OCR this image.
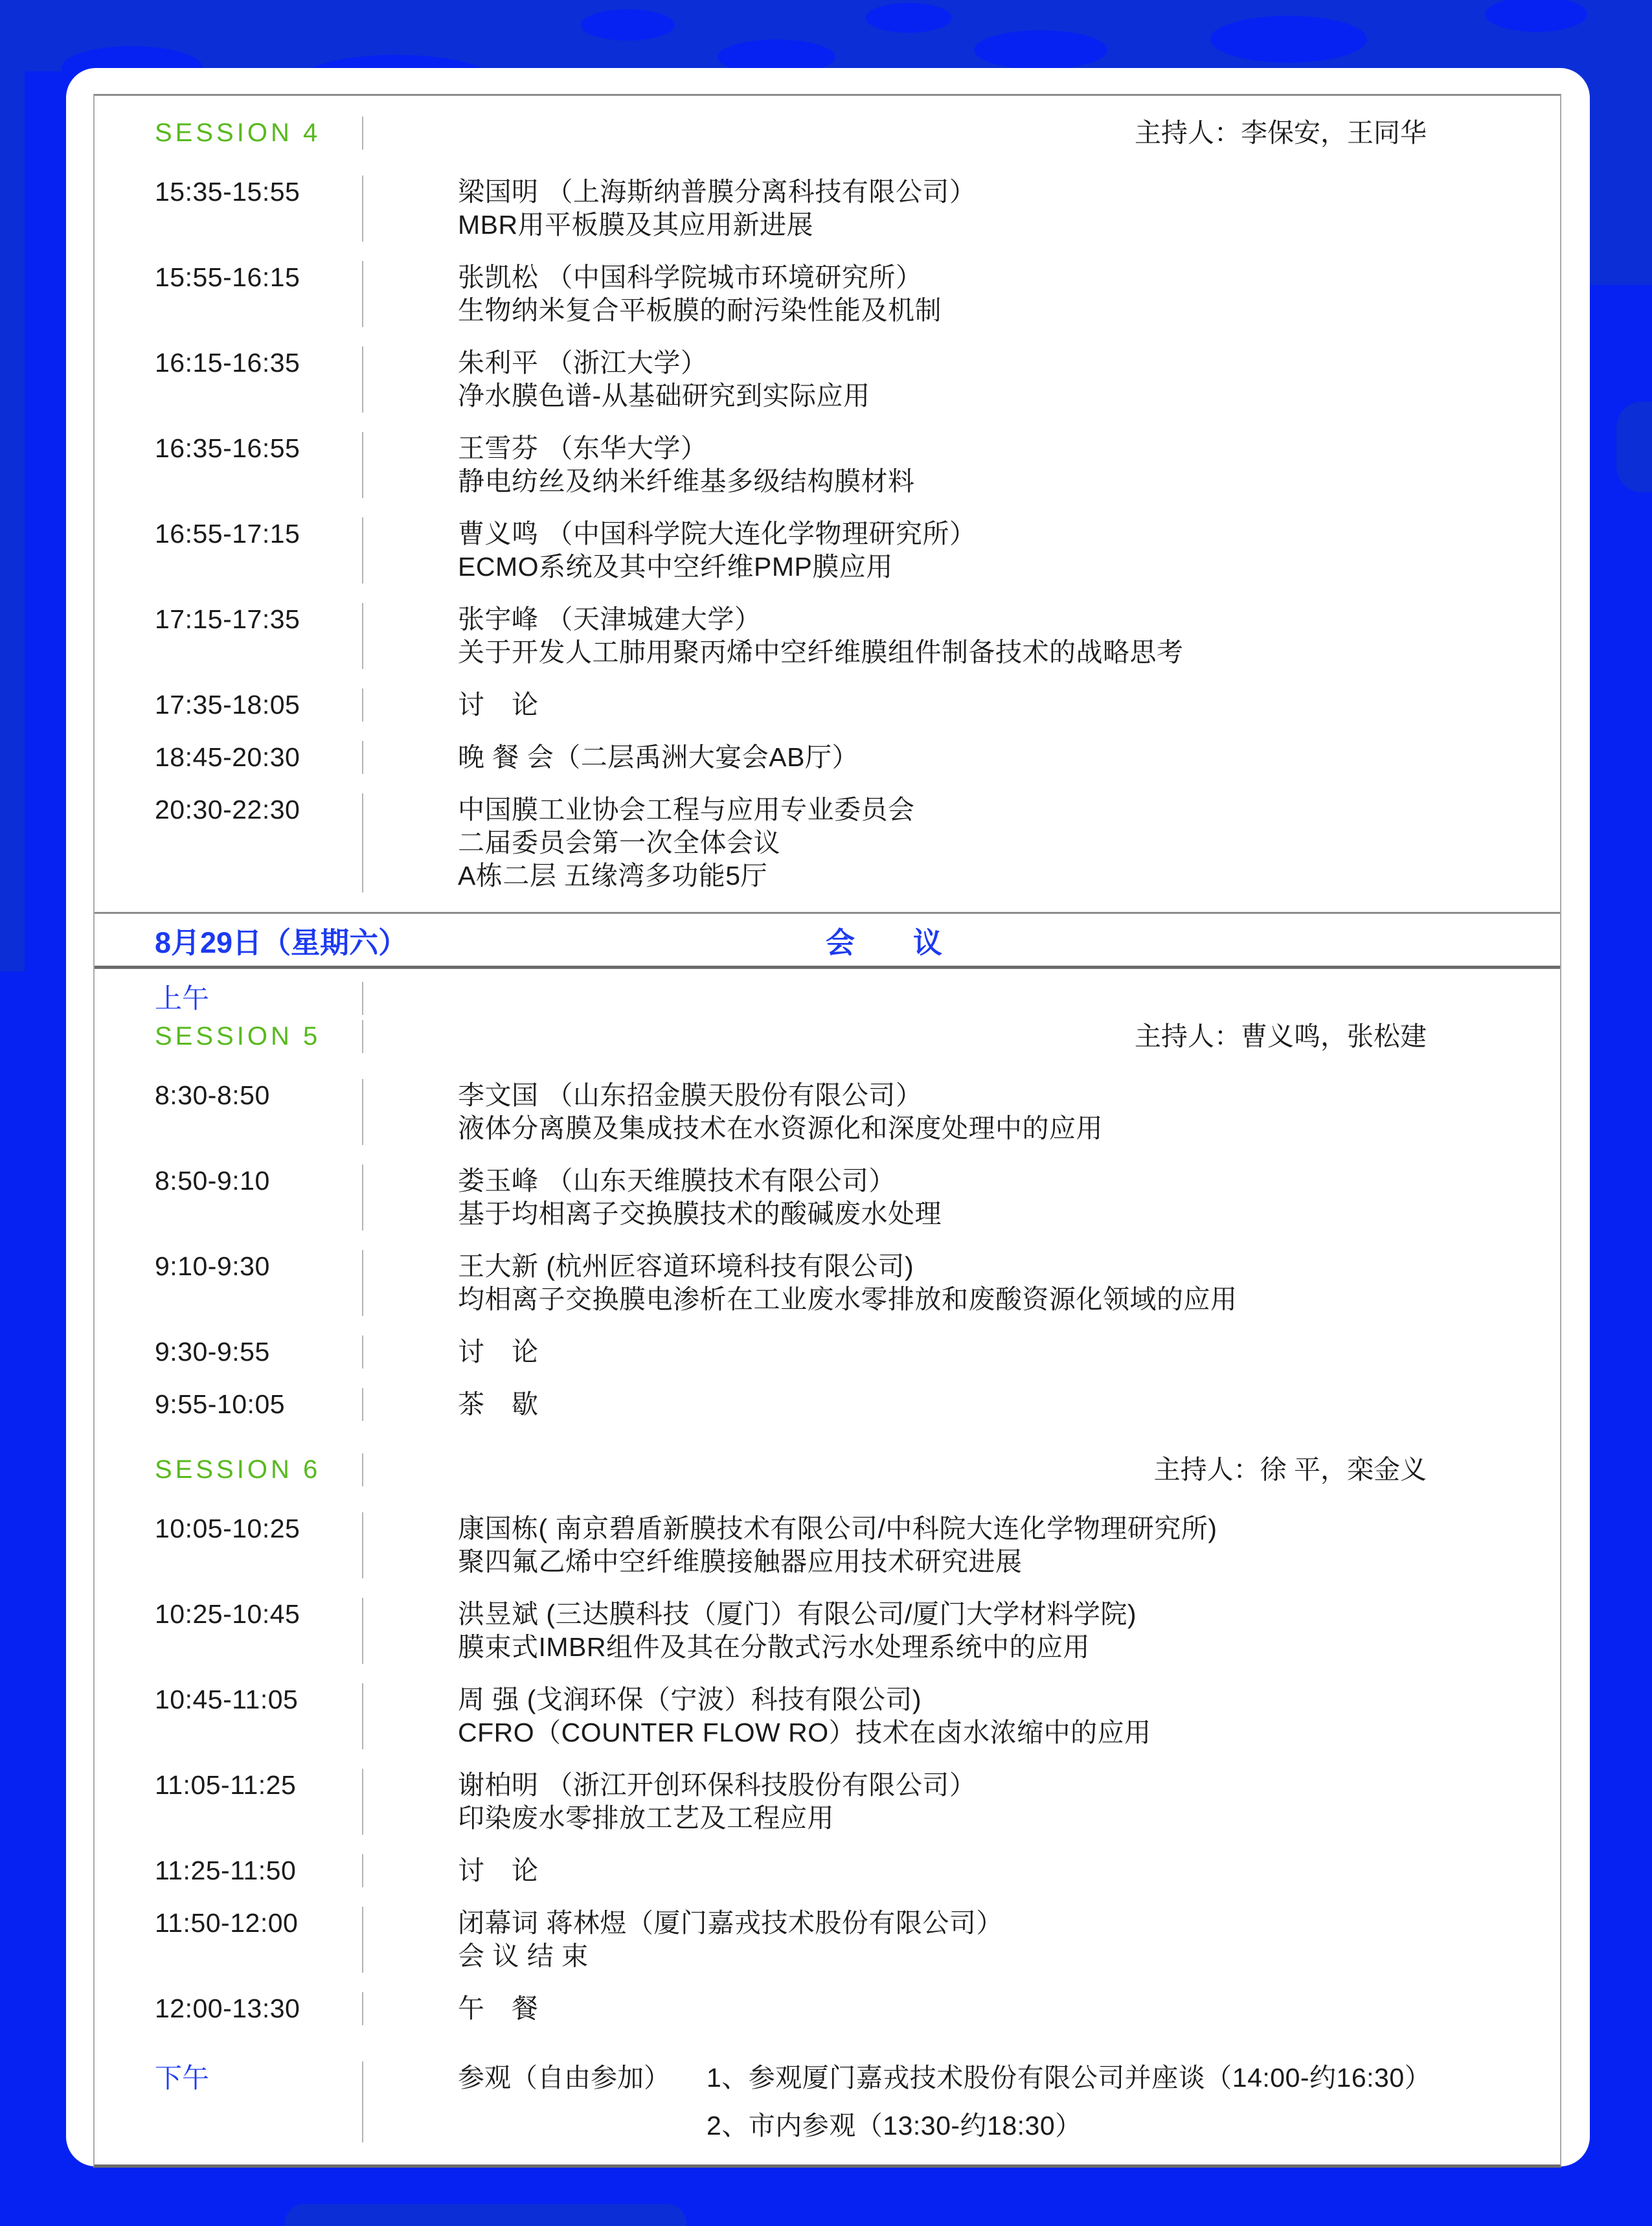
SESSION 4	主持人：李保安，王同华
15:35-15:55	梁国明 （上海斯纳普膜分离科技有限公司）
MBR用平板膜及其应用新进展
15:55-16:15	张凯松 （中国科学院城市环境研究所）
生物纳米复合平板膜的耐污染性能及机制
16:15-16:35	朱利平 （浙江大学）
净水膜色谱-从基础研究到实际应用
16:35-16:55	王雪芬 （东华大学）
静电纺丝及纳米纤维基多级结构膜材料
16:55-17:15	曹义鸣 （中国科学院大连化学物理研究所）
ECMO系统及其中空纤维PMP膜应用
17:15-17:35	张宇峰 （天津城建大学）
关于开发人工肺用聚丙烯中空纤维膜组件制备技术的战略思考
17:35-18:05	讨　论
18:45-20:30	晚 餐 会（二层禹洲大宴会AB厅）
20:30-22:30	中国膜工业协会工程与应用专业委员会
二届委员会第一次全体会议
A栋二层 五缘湾多功能5厅
8月29日（星期六）	会　　议
上午
SESSION 5	主持人：曹义鸣，张松建
8:30-8:50	李文国 （山东招金膜天股份有限公司）
液体分离膜及集成技术在水资源化和深度处理中的应用
8:50-9:10	娄玉峰 （山东天维膜技术有限公司）
基于均相离子交换膜技术的酸碱废水处理
9:10-9:30	王大新 (杭州匠容道环境科技有限公司)
均相离子交换膜电渗析在工业废水零排放和废酸资源化领域的应用
9:30-9:55	讨　论
9:55-10:05	茶　歇
SESSION 6	主持人：徐 平，栾金义
10:05-10:25	康国栋( 南京碧盾新膜技术有限公司/中科院大连化学物理研究所)
聚四氟乙烯中空纤维膜接触器应用技术研究进展
10:25-10:45	洪昱斌 (三达膜科技（厦门）有限公司/厦门大学材料学院)
膜束式IMBR组件及其在分散式污水处理系统中的应用
10:45-11:05	周 强 (戈润环保（宁波）科技有限公司)
CFRO（COUNTER FLOW RO）技术在卤水浓缩中的应用
11:05-11:25	谢柏明 （浙江开创环保科技股份有限公司）
印染废水零排放工艺及工程应用
11:25-11:50	讨　论
11:50-12:00	闭幕词 蒋林煜（厦门嘉戎技术股份有限公司）
会 议 结 束
12:00-13:30	午　餐
下午	参观（自由参加） 1、参观厦门嘉戎技术股份有限公司并座谈（14:00-约16:30）
2、市内参观（13:30-约18:30）
